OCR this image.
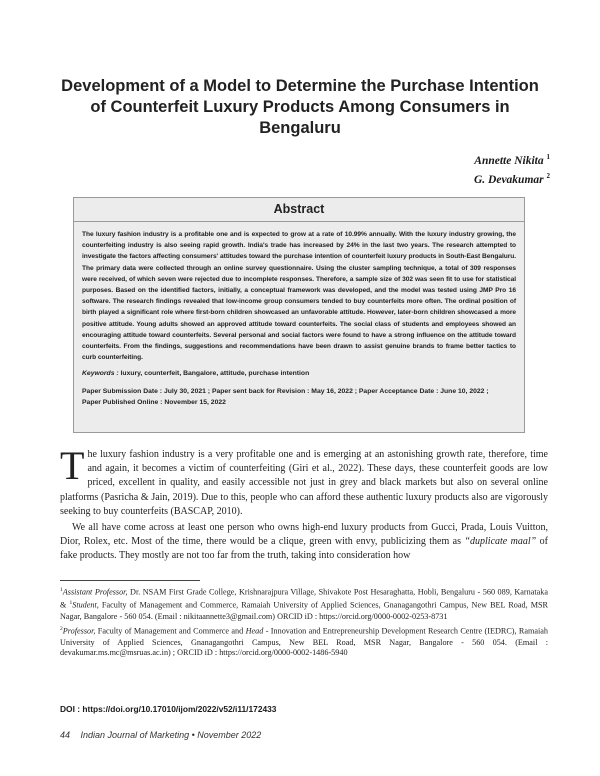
Development of a Model to Determine the Purchase Intention of Counterfeit Luxury Products Among Consumers in Bengaluru
Annette Nikita $^1$
G. Devakumar $^2$
Abstract
The luxury fashion industry is a profitable one and is expected to grow at a rate of 10.99% annually. With the luxury industry growing, the counterfeiting industry is also seeing rapid growth. India's trade has increased by 24% in the last two years. The research attempted to investigate the factors affecting consumers' attitudes toward the purchase intention of counterfeit luxury products in South-East Bengaluru. The primary data were collected through an online survey questionnaire. Using the cluster sampling technique, a total of 309 responses were received, of which seven were rejected due to incomplete responses. Therefore, a sample size of 302 was seen fit to use for statistical purposes. Based on the identified factors, initially, a conceptual framework was developed, and the model was tested using JMP Pro 16 software. The research findings revealed that low-income group consumers tended to buy counterfeits more often. The ordinal position of birth played a significant role where first-born children showcased an unfavorable attitude. However, later-born children showcased a more positive attitude. Young adults showed an approved attitude toward counterfeits. The social class of students and employees showed an encouraging attitude toward counterfeits. Several personal and social factors were found to have a strong influence on the attitude toward counterfeits. From the findings, suggestions and recommendations have been drawn to assist genuine brands to frame better tactics to curb counterfeiting.
Keywords : luxury, counterfeit, Bangalore, attitude, purchase intention
Paper Submission Date : July 30, 2021 ; Paper sent back for Revision : May 16, 2022 ; Paper Acceptance Date : June 10, 2022 ;
Paper Published Online : November 15, 2022

The luxury fashion industry is a very profitable one and is emerging at an astonishing growth rate, therefore, time and again, it becomes a victim of counterfeiting (Giri et al., 2022). These days, these counterfeit goods are low priced, excellent in quality, and easily accessible not just in grey and black markets but also on several online platforms (Pasricha & Jain, 2019). Due to this, people who can afford these authentic luxury products also are vigorously seeking to buy counterfeits (BASCAP, 2010).

We all have come across at least one person who owns high-end luxury products from Gucci, Prada, Louis Vuitton, Dior, Rolex, etc. Most of the time, there would be a clique, green with envy, publicizing them as “duplicate maal” of fake products. They mostly are not too far from the truth, taking into consideration how

$^1$Assistant Professor, Dr. NSAM First Grade College, Krishnarajpura Village, Shivakote Post Hesaraghatta, Hobli, Bengaluru - 560 089, Karnataka & $^1$Student, Faculty of Management and Commerce, Ramaiah University of Applied Sciences, Gnanagangothri Campus, New BEL Road, MSR Nagar, Bangalore - 560 054. (Email : nikitaannette3@gmail.com) ORCID iD : https://orcid.org/0000-0002-0253-8731

$^2$Professor, Faculty of Management and Commerce and Head - Innovation and Entrepreneurship Development Research Centre (IEDRC), Ramaiah University of Applied Sciences, Gnanagangothri Campus, New BEL Road, MSR Nagar, Bangalore - 560 054. (Email : devakumar.ms.mc@msruas.ac.in) ; ORCID iD : https://orcid.org/0000-0002-1486-5940

DOI : https://doi.org/10.17010/ijom/2022/v52/i11/172433
44 Indian Journal of Marketing • November 2022
